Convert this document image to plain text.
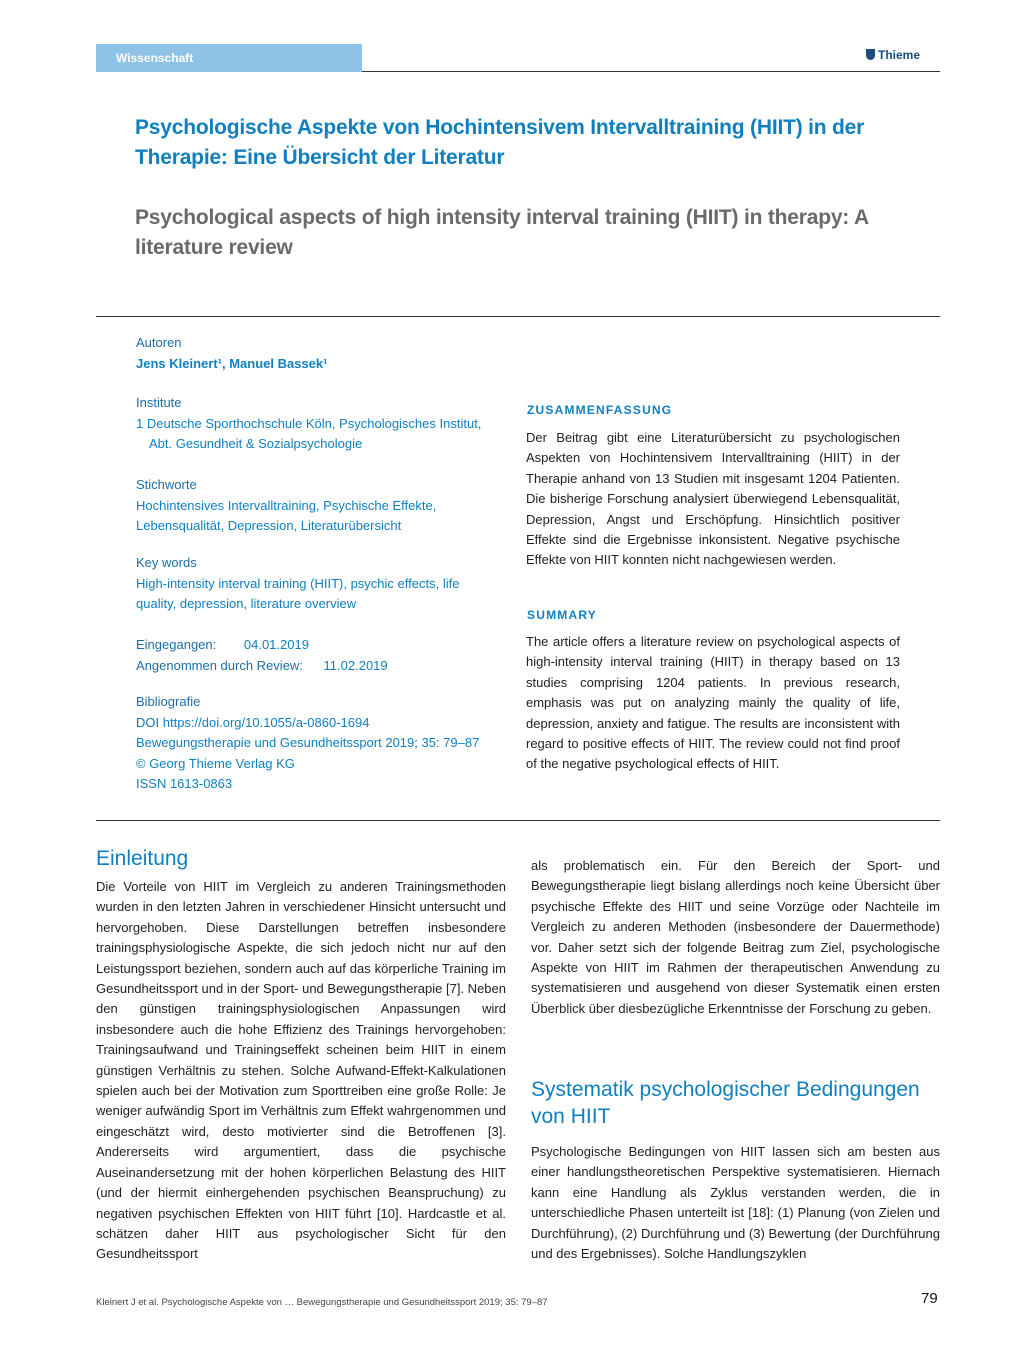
Wissenschaft	Thieme
Psychologische Aspekte von Hochintensivem Intervalltraining (HIIT) in der Therapie: Eine Übersicht der Literatur
Psychological aspects of high intensity interval training (HIIT) in therapy: A literature review
Autoren
Jens Kleinert¹, Manuel Bassek¹
Institute
1 Deutsche Sporthochschule Köln, Psychologisches Institut,
Abt. Gesundheit & Sozialpsychologie
Stichworte
Hochintensives Intervalltraining, Psychische Effekte, Lebensqualität, Depression, Literaturübersicht
Key words
High-intensity interval training (HIIT), psychic effects, life quality, depression, literature overview
Eingegangen: 04.01.2019
Angenommen durch Review: 11.02.2019
Bibliografie
DOI https://doi.org/10.1055/a-0860-1694
Bewegungstherapie und Gesundheitssport 2019; 35: 79–87
© Georg Thieme Verlag KG
ISSN 1613-0863
ZUSAMMENFASSUNG
Der Beitrag gibt eine Literaturübersicht zu psychologischen Aspekten von Hochintensivem Intervalltraining (HIIT) in der Therapie anhand von 13 Studien mit insgesamt 1204 Patienten. Die bisherige Forschung analysiert überwiegend Lebensqualität, Depression, Angst und Erschöpfung. Hinsichtlich positiver Effekte sind die Ergebnisse inkonsistent. Negative psychische Effekte von HIIT konnten nicht nachgewiesen werden.
SUMMARY
The article offers a literature review on psychological aspects of high-intensity interval training (HIIT) in therapy based on 13 studies comprising 1204 patients. In previous research, emphasis was put on analyzing mainly the quality of life, depression, anxiety and fatigue. The results are inconsistent with regard to positive effects of HIIT. The review could not find proof of the negative psychological effects of HIIT.
Einleitung
Die Vorteile von HIIT im Vergleich zu anderen Trainingsmethoden wurden in den letzten Jahren in verschiedener Hinsicht untersucht und hervorgehoben. Diese Darstellungen betreffen insbesondere trainingsphysiologische Aspekte, die sich jedoch nicht nur auf den Leistungssport beziehen, sondern auch auf das körperliche Training im Gesundheitssport und in der Sport- und Bewegungstherapie [7]. Neben den günstigen trainingsphysiologischen Anpassungen wird insbesondere auch die hohe Effizienz des Trainings hervorgehoben: Trainingsaufwand und Trainingseffekt scheinen beim HIIT in einem günstigen Verhältnis zu stehen. Solche Aufwand-Effekt-Kalkulationen spielen auch bei der Motivation zum Sporttreiben eine große Rolle: Je weniger aufwändig Sport im Verhältnis zum Effekt wahrgenommen und eingeschätzt wird, desto motivierter sind die Betroffenen [3]. Andererseits wird argumentiert, dass die psychische Auseinandersetzung mit der hohen körperlichen Belastung des HIIT (und der hiermit einhergehenden psychischen Beanspruchung) zu negativen psychischen Effekten von HIIT führt [10]. Hardcastle et al. schätzen daher HIIT aus psychologischer Sicht für den Gesundheitssport
als problematisch ein. Für den Bereich der Sport- und Bewegungstherapie liegt bislang allerdings noch keine Übersicht über psychische Effekte des HIIT und seine Vorzüge oder Nachteile im Vergleich zu anderen Methoden (insbesondere der Dauermethode) vor. Daher setzt sich der folgende Beitrag zum Ziel, psychologische Aspekte von HIIT im Rahmen der therapeutischen Anwendung zu systematisieren und ausgehend von dieser Systematik einen ersten Überblick über diesbezügliche Erkenntnisse der Forschung zu geben.
Systematik psychologischer Bedingungen von HIIT
Psychologische Bedingungen von HIIT lassen sich am besten aus einer handlungstheoretischen Perspektive systematisieren. Hiernach kann eine Handlung als Zyklus verstanden werden, die in unterschiedliche Phasen unterteilt ist [18]: (1) Planung (von Zielen und Durchführung), (2) Durchführung und (3) Bewertung (der Durchführung und des Ergebnisses). Solche Handlungszyklen
Kleinert J et al. Psychologische Aspekte von … Bewegungstherapie und Gesundheitssport 2019; 35: 79–87	79
